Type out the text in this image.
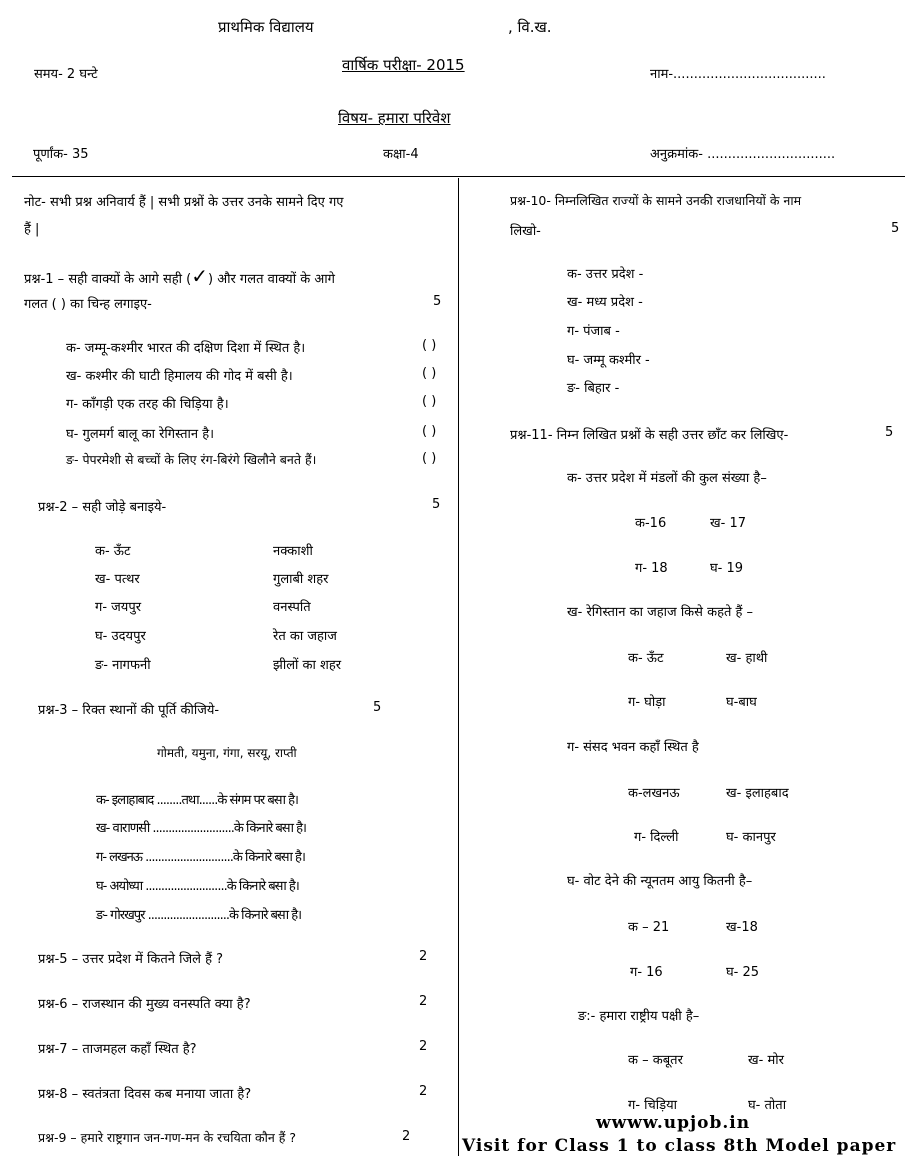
प्राथमिक विद्यालय	, वि.ख.
समय- 2 घन्टे
वार्षिक परीक्षा- 2015
नाम-.....................................
विषय- हमारा परिवेश
पूर्णांक- 35	कक्षा-4	अनुक्रमांक- ...............................
नोट- सभी प्रश्न अनिवार्य हैं | सभी प्रश्नों के उत्तर उनके सामने दिए गए
हैं |
प्रश्न-1 – सही वाक्यों के आगे सही (✓) और गलत वाक्यों के आगे
गलत ( ) का चिन्ह लगाइए-	5
क- जम्मू-कश्मीर भारत की दक्षिण दिशा में स्थित है।	( )
ख- कश्मीर की घाटी हिमालय की गोद में बसी है।	( )
ग- काँगड़ी एक तरह की चिड़िया है।	( )
घ- गुलमर्ग बालू का रेगिस्तान है।	( )
ङ- पेपरमेशी से बच्चों के लिए रंग-बिरंगे खिलौने बनते हैं।	( )
प्रश्न-2 – सही जोड़े बनाइये-	5
क- ऊँट	नक्काशी
ख- पत्थर	गुलाबी शहर
ग- जयपुर	वनस्पति
घ- उदयपुर	रेत का जहाज
ङ- नागफनी	झीलों का शहर
प्रश्न-3 – रिक्त स्थानों की पूर्ति कीजिये-	5
गोमती, यमुना, गंगा, सरयू, राप्ती
क- इलाहाबाद ........तथा......के संगम पर बसा है।
ख- वाराणसी ..........................के किनारे बसा है।
ग- लखनऊ ............................के किनारे बसा है।
घ- अयोध्या ..........................के किनारे बसा है।
ङ- गोरखपुर ..........................के किनारे बसा है।
प्रश्न-5 – उत्तर प्रदेश में कितने जिले हैं ?	2
प्रश्न-6 – राजस्थान की मुख्य वनस्पति क्या है?	2
प्रश्न-7 – ताजमहल कहाँ स्थित है?	2
प्रश्न-8 – स्वतंत्रता दिवस कब मनाया जाता है?	2
प्रश्न-9 – हमारे राष्ट्रगान जन-गण-मन के रचयिता कौन हैं ?	2
प्रश्न-10- निम्नलिखित राज्यों के सामने उनकी राजधानियों के नाम
लिखो-	5
क- उत्तर प्रदेश -
ख- मध्य प्रदेश -
ग- पंजाब -
घ- जम्मू कश्मीर -
ङ- बिहार -
प्रश्न-11- निम्न लिखित प्रश्नों के सही उत्तर छाँट कर लिखिए-	5
क- उत्तर प्रदेश में मंडलों की कुल संख्या है–
क-16	ख- 17
ग- 18	घ- 19
ख- रेगिस्तान का जहाज किसे कहते हैं –
क- ऊँट	ख- हाथी
ग- घोड़ा	घ-बाघ
ग- संसद भवन कहाँ स्थित है
क-लखनऊ	ख- इलाहबाद
ग- दिल्ली	घ- कानपुर
घ- वोट देने की न्यूनतम आयु कितनी है–
क – 21	ख-18
ग- 16	घ- 25
ङ:- हमारा राष्ट्रीय पक्षी है–
क – कबूतर	ख- मोर
ग- चिड़िया	घ- तोता
wwww.upjob.in
Visit for Class 1 to class 8th Model paper
